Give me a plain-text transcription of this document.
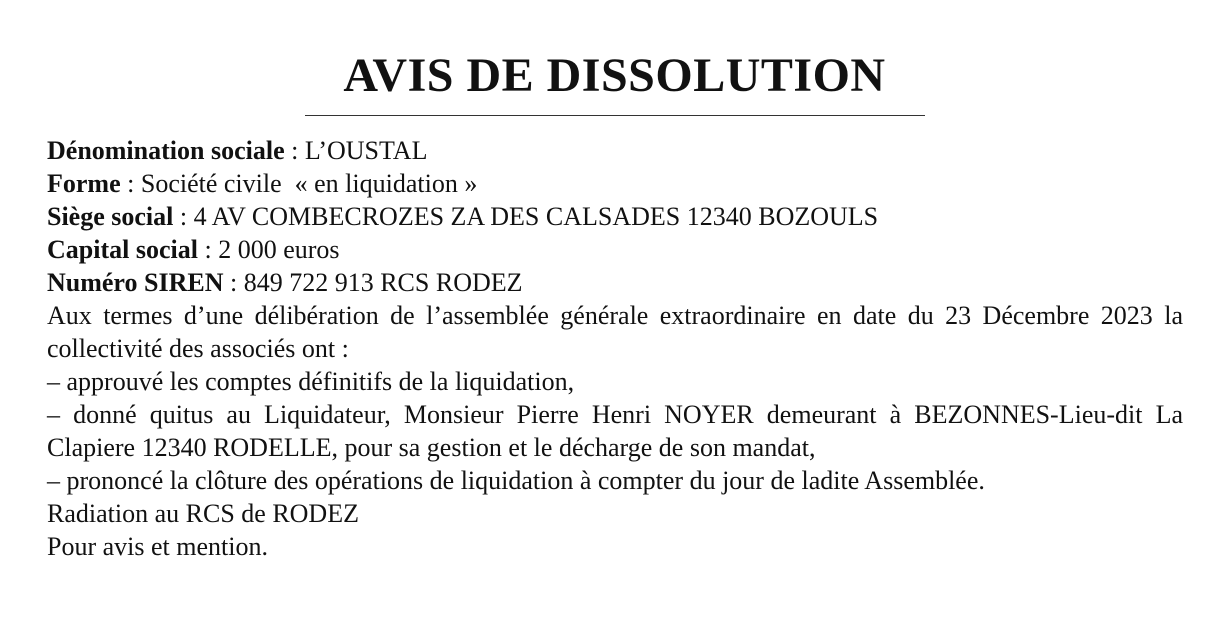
AVIS DE DISSOLUTION

Dénomination sociale : L’OUSTAL

Forme : Société civile  « en liquidation »

Siège social : 4 AV COMBECROZES ZA DES CALSADES 12340 BOZOULS

Capital social : 2 000 euros

Numéro SIREN : 849 722 913 RCS RODEZ

Aux termes d’une délibération de l’assemblée générale extraordinaire en date du 23 Décembre 2023 la collectivité des associés ont :

– approuvé les comptes définitifs de la liquidation,

– donné quitus au Liquidateur, Monsieur Pierre Henri NOYER demeurant à BEZONNES-Lieu-dit La Clapiere 12340 RODELLE, pour sa gestion et le décharge de son mandat,

– prononcé la clôture des opérations de liquidation à compter du jour de ladite Assemblée.

Radiation au RCS de RODEZ

Pour avis et mention.
